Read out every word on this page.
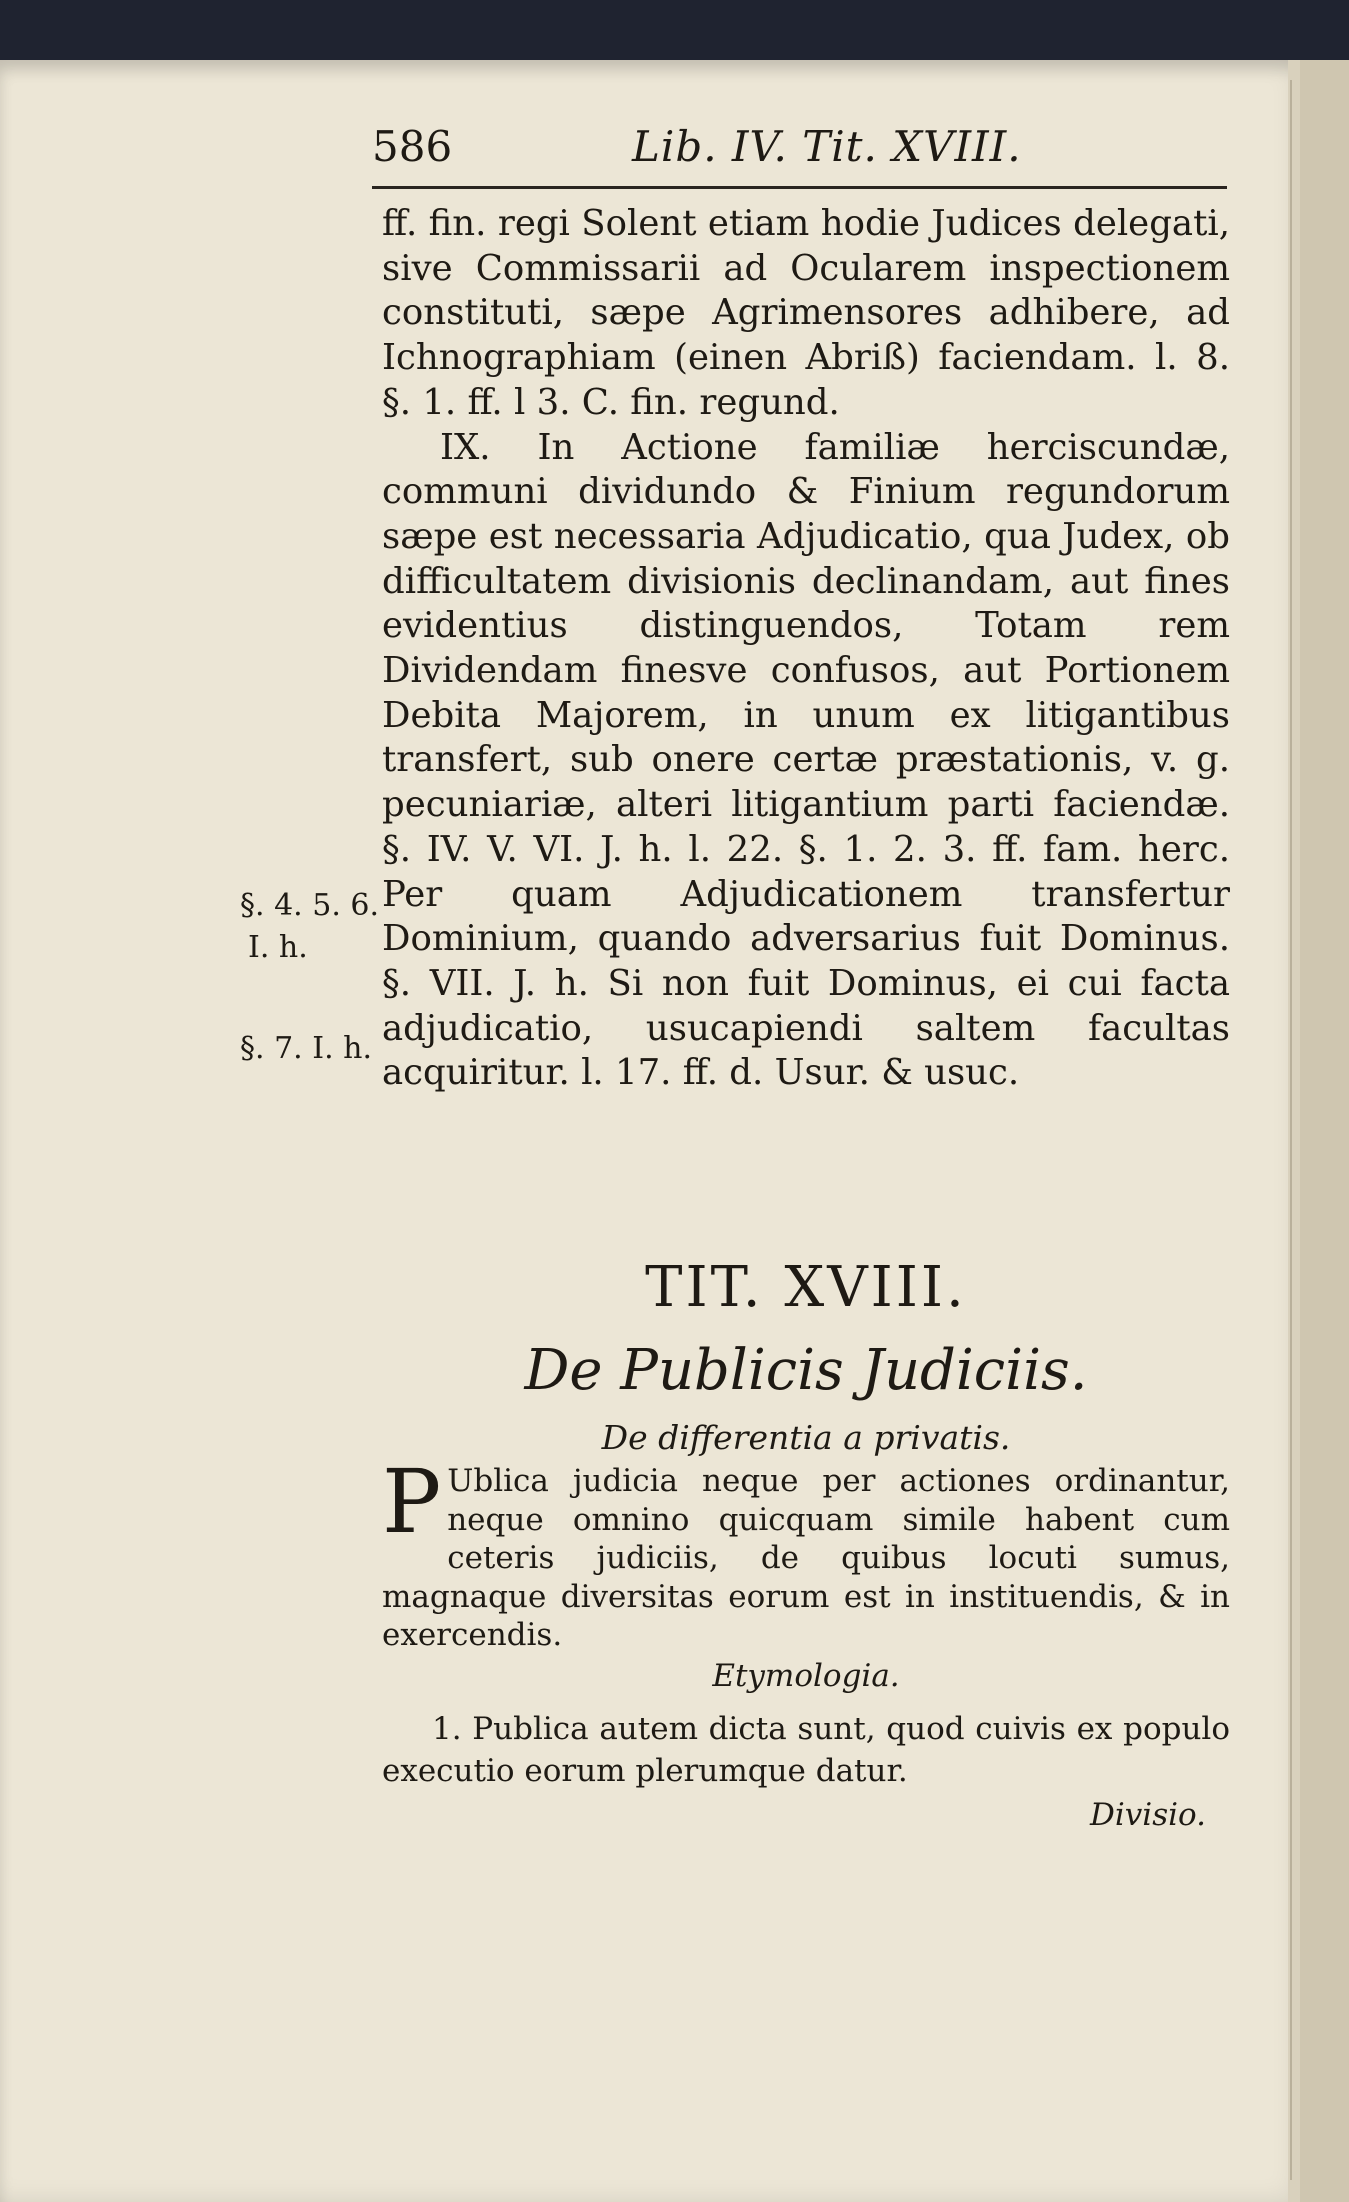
586	Lib. IV. Tit. XVIII.

ff. fin. regi Solent etiam hodie Judices delegati, sive Commissarii ad Ocularem inspectionem constituti, sæpe Agrimensores adhibere, ad Ichnographiam (einen Abriß) faciendam. l. 8. §. 1. ff. l 3. C. fin. regund.

IX. In Actione familiæ herciscundæ, communi dividundo & Finium regundorum sæpe est necessaria Adjudicatio, qua Judex, ob difficultatem divisionis declinandam, aut fines evidentius distinguendos, Totam rem Dividendam finesve confusos, aut Portionem Debita Majorem, in unum ex litigantibus transfert, sub onere certæ præstationis, v. g. pecuniariæ, alteri litigantium parti faciendæ. §. IV. V. VI. J. h. l. 22. §. 1. 2. 3. ff. fam. herc. Per quam Adjudicationem transfertur Dominium, quando adversarius fuit Dominus. §. VII. J. h. Si non fuit Dominus, ei cui facta adjudicatio, usucapiendi saltem facultas acquiritur. l. 17. ff. d. Usur. & usuc.

§. 4. 5. 6.
I. h.
§. 7. I. h.
TIT. XVIII.
De Publicis Judiciis.
De differentia a privatis.

P Ublica judicia neque per actiones ordinantur, neque omnino quicquam simile habent cum ceteris judiciis, de quibus locuti sumus, magnaque diversitas eorum est in instituendis, & in exercendis.

Etymologia.

1. Publica autem dicta sunt, quod cuivis ex populo executio eorum plerumque datur.

Divisio.
